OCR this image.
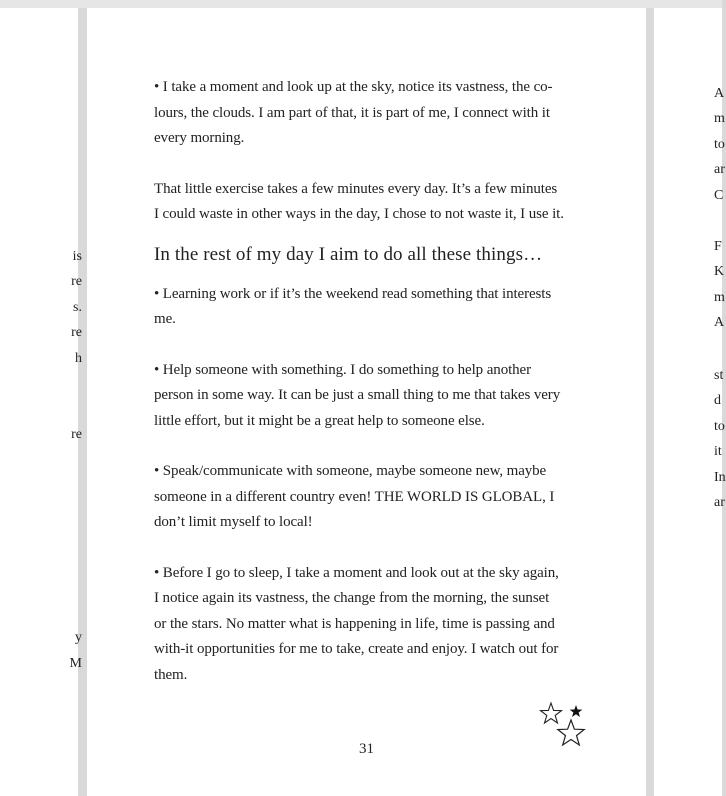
is
re
s.
re
h
re
y
M

• I take a moment and look up at the sky, notice its vastness, the co-
lours, the clouds. I am part of that, it is part of me, I connect with it
every morning.

That little exercise takes a few minutes every day. It’s a few minutes
I could waste in other ways in the day, I chose to not waste it, I use it.

In the rest of my day I aim to do all these things…

• Learning work or if it’s the weekend read something that interests
me.

• Help someone with something. I do something to help another
person in some way. It can be just a small thing to me that takes very
little effort, but it might be a great help to someone else.

• Speak/communicate with someone, maybe someone new, maybe
someone in a different country even! THE WORLD IS GLOBAL, I
don’t limit myself to local!

• Before I go to sleep, I take a moment and look out at the sky again,
I notice again its vastness, the change from the morning, the sunset
or the stars. No matter what is happening in life, time is passing and
with-it opportunities for me to take, create and enjoy. I watch out for
them.

31
A
m
to
ar
C
F
K
m
A
st
d
to
it
In
ar
